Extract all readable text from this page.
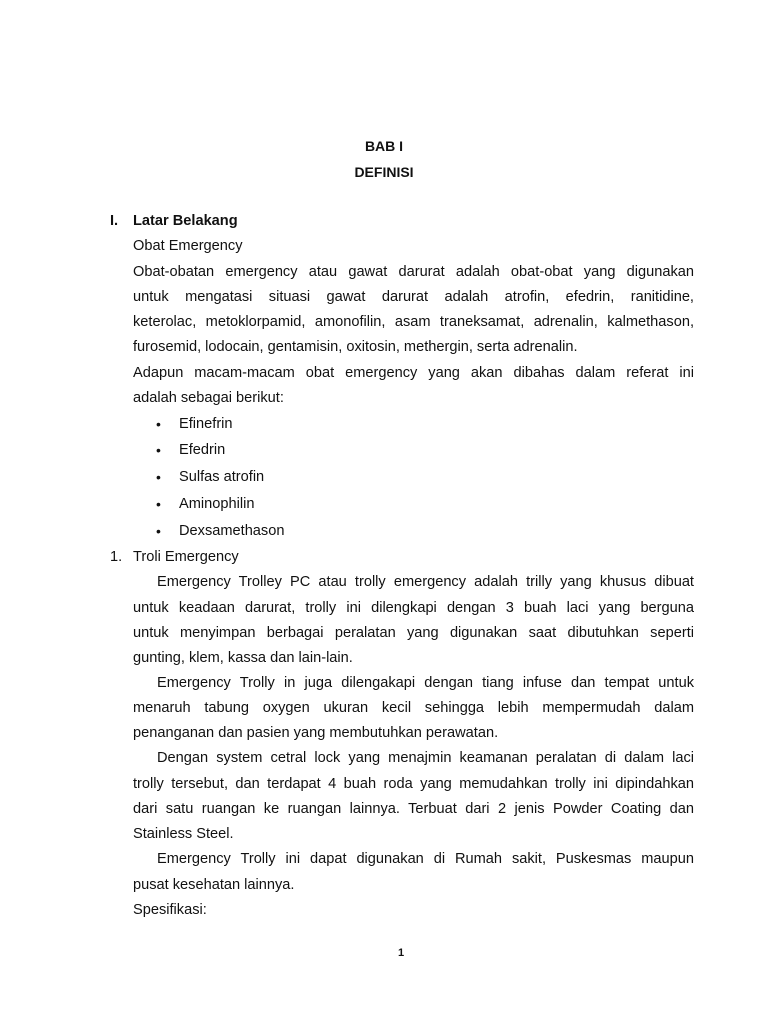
BAB I
DEFINISI
I. Latar Belakang
Obat Emergency
Obat-obatan emergency atau gawat darurat adalah obat-obat yang digunakan
untuk mengatasi situasi gawat darurat adalah atrofin, efedrin, ranitidine,
keterolac, metoklorpamid, amonofilin, asam traneksamat, adrenalin, kalmethason,
furosemid, lodocain, gentamisin, oxitosin, methergin, serta adrenalin.
Adapun macam-macam obat emergency yang akan dibahas dalam referat ini
adalah sebagai berikut:
• Efinefrin
• Efedrin
• Sulfas atrofin
• Aminophilin
• Dexsamethason
1. Troli Emergency
Emergency Trolley PC atau trolly emergency adalah trilly yang khusus dibuat
untuk keadaan darurat, trolly ini dilengkapi dengan 3 buah laci yang berguna
untuk menyimpan berbagai peralatan yang digunakan saat dibutuhkan seperti
gunting, klem, kassa dan lain-lain.
Emergency Trolly in juga dilengakapi dengan tiang infuse dan tempat untuk
menaruh tabung oxygen ukuran kecil sehingga lebih mempermudah dalam
penanganan dan pasien yang membutuhkan perawatan.
Dengan system cetral lock yang menajmin keamanan peralatan di dalam laci
trolly tersebut, dan terdapat 4 buah roda yang memudahkan trolly ini dipindahkan
dari satu ruangan ke ruangan lainnya. Terbuat dari 2 jenis Powder Coating dan
Stainless Steel.
Emergency Trolly ini dapat digunakan di Rumah sakit, Puskesmas maupun
pusat kesehatan lainnya.
Spesifikasi:
1
